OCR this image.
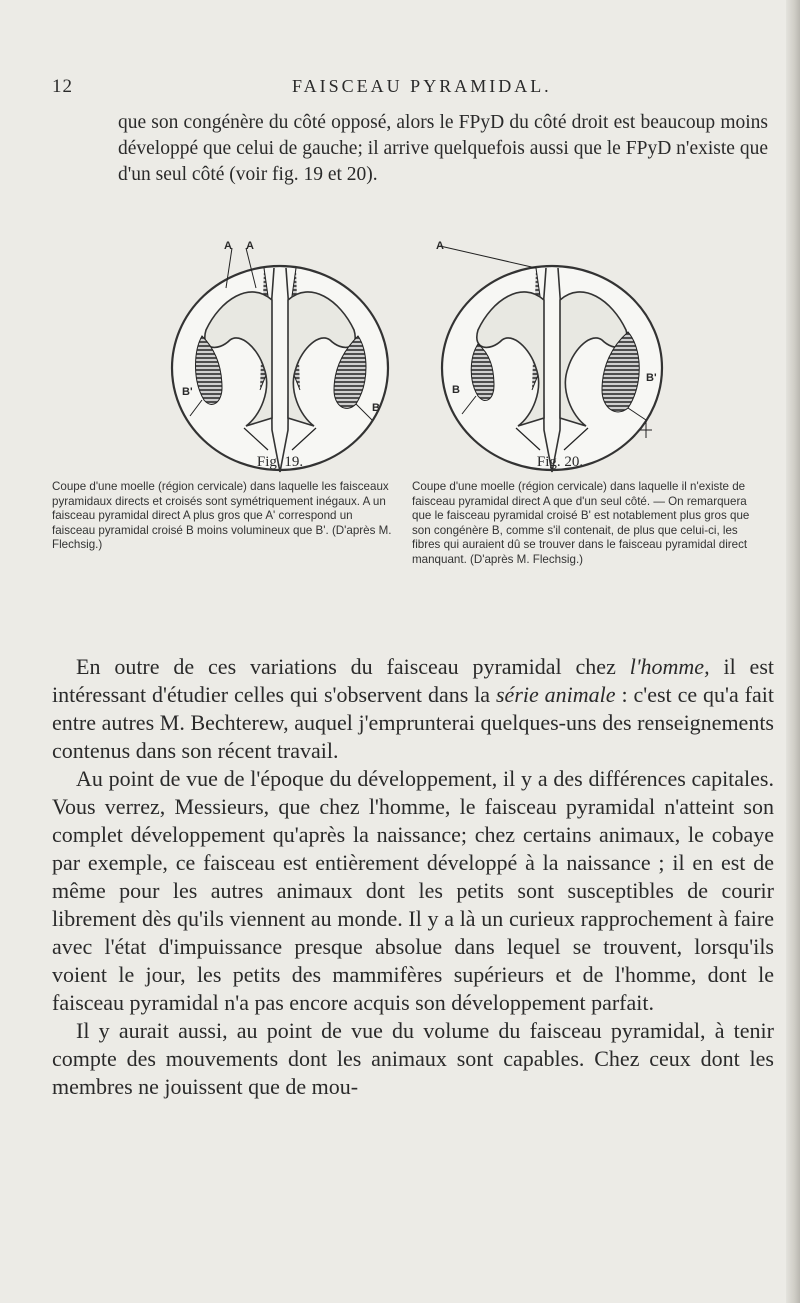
12	FAISCEAU PYRAMIDAL.

que son congénère du côté opposé, alors le FPyD du côté droit est beaucoup moins développé que celui de gauche; il arrive quelquefois aussi que le FPyD n'existe que d'un seul côté (voir fig. 19 et 20).

A A
B'
B
Fig. 19.

Coupe d'une moelle (région cervicale) dans laquelle les faisceaux pyramidaux directs et croisés sont symétriquement inégaux. A un faisceau pyramidal direct A plus gros que A' correspond un faisceau pyramidal croisé B moins volumineux que B'. (D'après M. Flechsig.)

A
B
B'
Fig. 20.

Coupe d'une moelle (région cervicale) dans laquelle il n'existe de faisceau pyramidal direct A que d'un seul côté. — On remarquera que le faisceau pyramidal croisé B' est notablement plus gros que son congénère B, comme s'il contenait, de plus que celui-ci, les fibres qui auraient dû se trouver dans le faisceau pyramidal direct manquant. (D'après M. Flechsig.)

En outre de ces variations du faisceau pyramidal chez l'homme, il est intéressant d'étudier celles qui s'observent dans la série animale : c'est ce qu'a fait entre autres M. Bechterew, auquel j'emprunterai quelques-uns des renseignements contenus dans son récent travail.

Au point de vue de l'époque du développement, il y a des différences capitales. Vous verrez, Messieurs, que chez l'homme, le faisceau pyramidal n'atteint son complet développement qu'après la naissance; chez certains animaux, le cobaye par exemple, ce faisceau est entièrement développé à la naissance ; il en est de même pour les autres animaux dont les petits sont susceptibles de courir librement dès qu'ils viennent au monde. Il y a là un curieux rapprochement à faire avec l'état d'impuissance presque absolue dans lequel se trouvent, lorsqu'ils voient le jour, les petits des mammifères supérieurs et de l'homme, dont le faisceau pyramidal n'a pas encore acquis son développement parfait.

Il y aurait aussi, au point de vue du volume du faisceau pyramidal, à tenir compte des mouvements dont les animaux sont capables. Chez ceux dont les membres ne jouissent que de mou-
